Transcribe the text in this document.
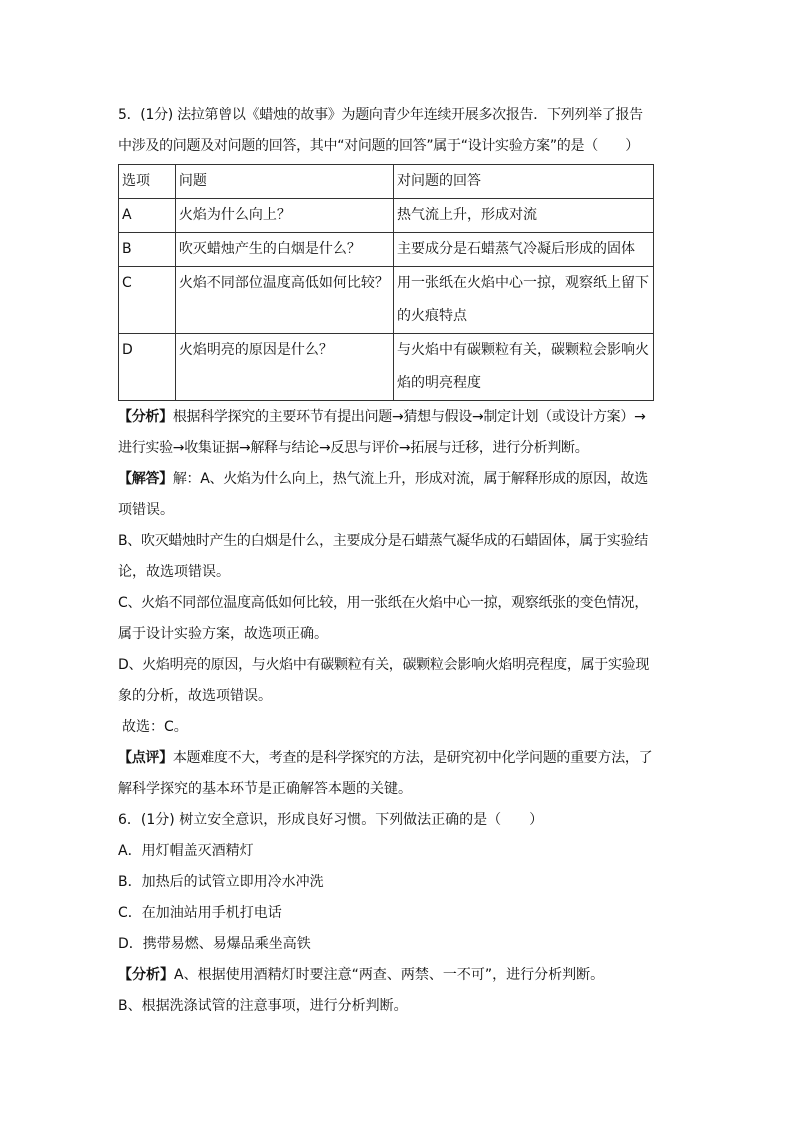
5．(1分) 法拉第曾以《蜡烛的故事》为题向青少年连续开展多次报告．下列列举了报告
中涉及的问题及对问题的回答，其中“对问题的回答”属于“设计实验方案”的是（　　）
选项	问题	对问题的回答
A	火焰为什么向上？	热气流上升，形成对流

B	吹灭蜡烛产生的白烟是什么？	主要成分是石蜡蒸气冷凝后形成的固体

C	火焰不同部位温度高低如何比较？	用一张纸在火焰中心一掠，观察纸上留下
的火痕特点

D	火焰明亮的原因是什么？	与火焰中有碳颗粒有关，碳颗粒会影响火
焰的明亮程度
【分析】根据科学探究的主要环节有提出问题→猜想与假设→制定计划（或设计方案）→
进行实验→收集证据→解释与结论→反思与评价→拓展与迁移，进行分析判断。
【解答】解：A、火焰为什么向上，热气流上升，形成对流，属于解释形成的原因，故选
项错误。
B、吹灭蜡烛时产生的白烟是什么，主要成分是石蜡蒸气凝华成的石蜡固体，属于实验结
论，故选项错误。
C、火焰不同部位温度高低如何比较，用一张纸在火焰中心一掠，观察纸张的变色情况，
属于设计实验方案，故选项正确。
D、火焰明亮的原因，与火焰中有碳颗粒有关，碳颗粒会影响火焰明亮程度，属于实验现
象的分析，故选项错误。
故选：C。
【点评】本题难度不大，考查的是科学探究的方法，是研究初中化学问题的重要方法，了
解科学探究的基本环节是正确解答本题的关键。
6．(1分) 树立安全意识，形成良好习惯。下列做法正确的是（　　）
A．用灯帽盖灭酒精灯
B．加热后的试管立即用冷水冲洗
C．在加油站用手机打电话
D．携带易燃、易爆品乘坐高铁
【分析】A、根据使用酒精灯时要注意“两查、两禁、一不可”，进行分析判断。
B、根据洗涤试管的注意事项，进行分析判断。
